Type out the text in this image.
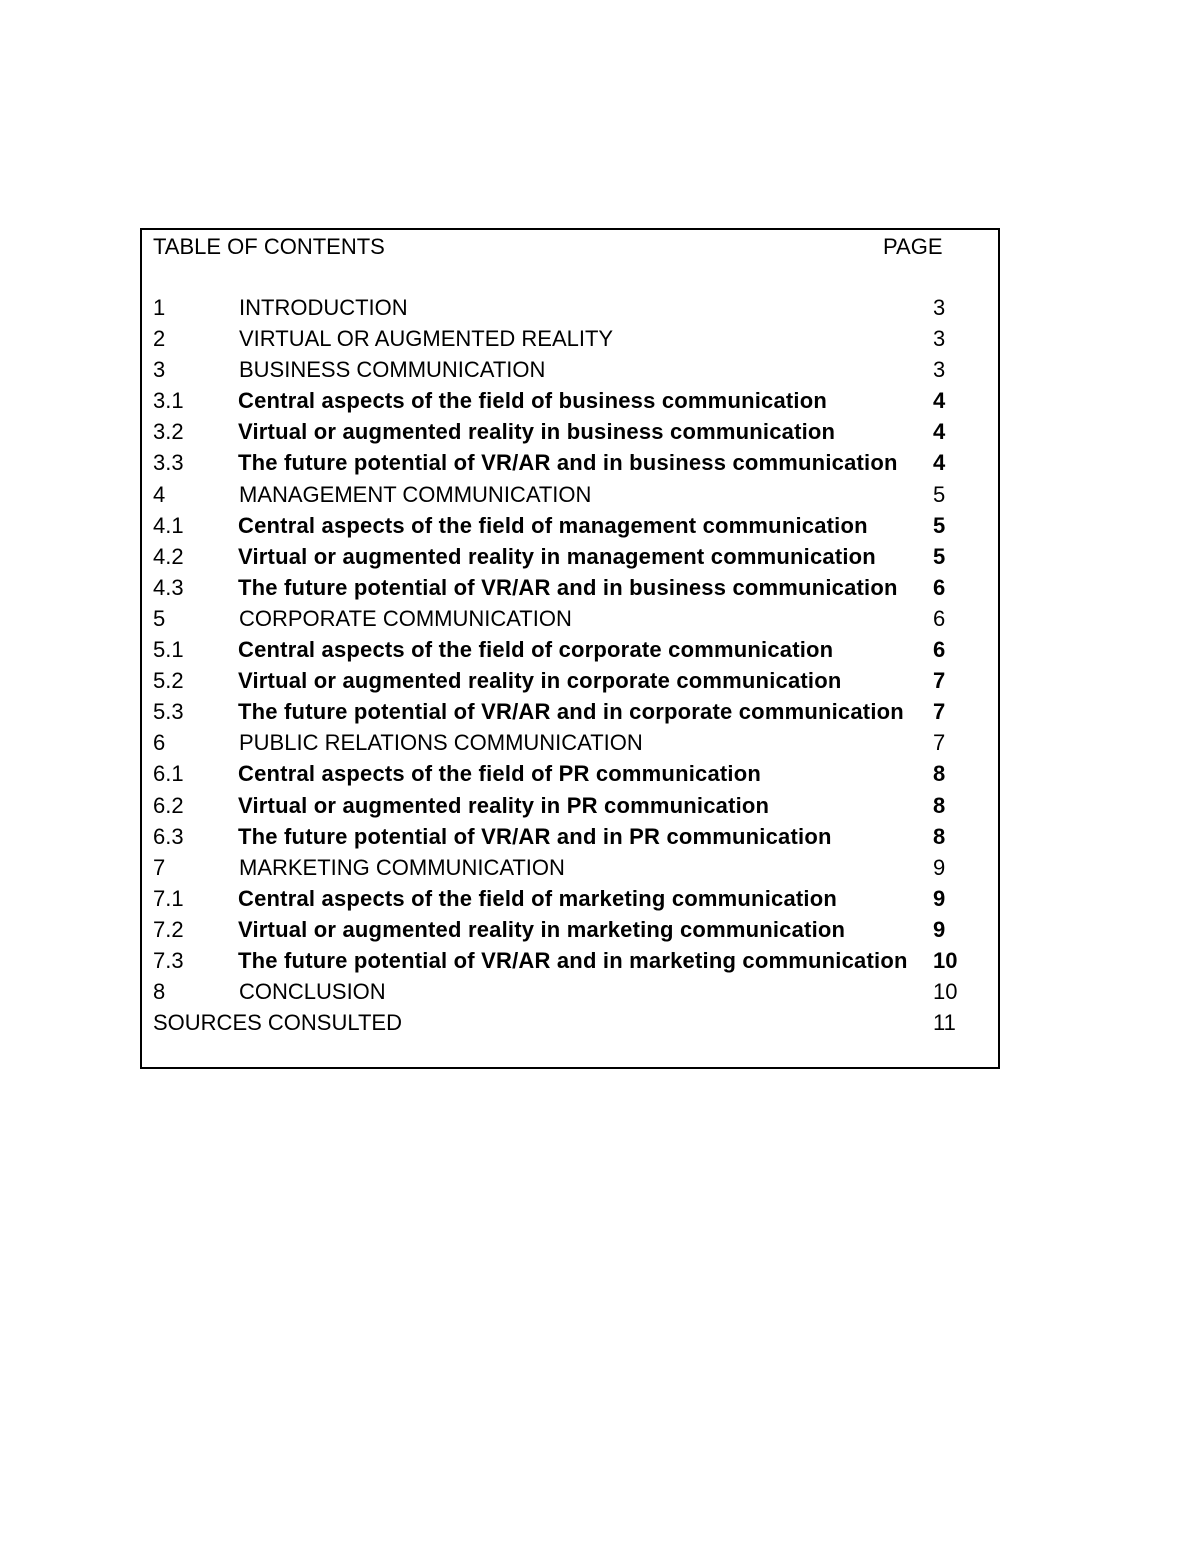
TABLE OF CONTENTS	PAGE
1	INTRODUCTION	3
2	VIRTUAL OR AUGMENTED REALITY	3
3	BUSINESS COMMUNICATION	3
3.1 Central aspects of the field of business communication	4
3.2 Virtual or augmented reality in business communication	4
3.3 The future potential of VR/AR and in business communication 4
4	MANAGEMENT COMMUNICATION	5
4.1 Central aspects of the field of management communication	5
4.2 Virtual or augmented reality in management communication	5
4.3 The future potential of VR/AR and in business communication 6
5	CORPORATE COMMUNICATION	6
5.1 Central aspects of the field of corporate communication	6
5.2 Virtual or augmented reality in corporate communication	7
5.3 The future potential of VR/AR and in corporate communication 7
6	PUBLIC RELATIONS COMMUNICATION	7
6.1 Central aspects of the field of PR communication	8
6.2 Virtual or augmented reality in PR communication	8
6.3 The future potential of VR/AR and in PR communication	8
7	MARKETING COMMUNICATION	9
7.1 Central aspects of the field of marketing communication	9
7.2 Virtual or augmented reality in marketing communication	9
7.3 The future potential of VR/AR and in marketing communication 10
8	CONCLUSION	10
SOURCES CONSULTED	11
